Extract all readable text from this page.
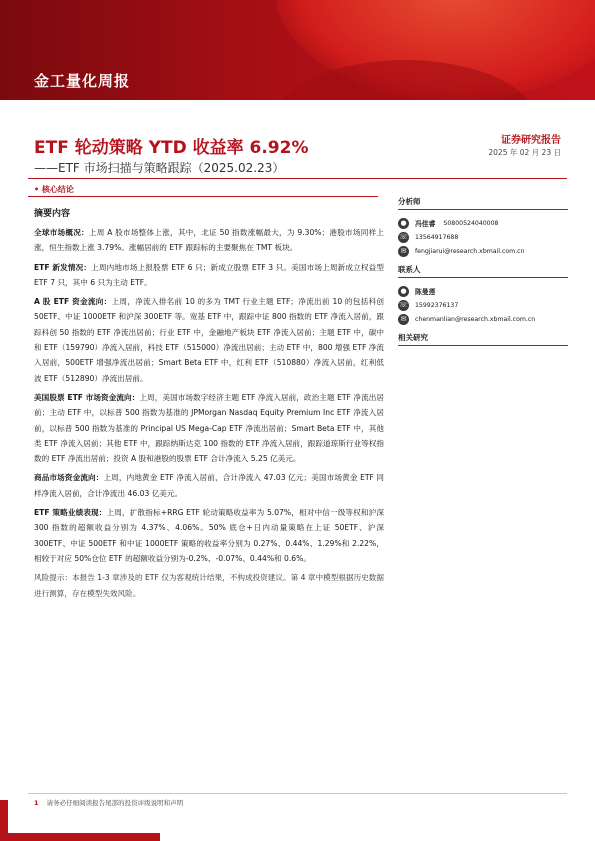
金工量化周报
ETF 轮动策略 YTD 收益率 6.92%
——ETF 市场扫描与策略跟踪（2025.02.23）
证券研究报告
2025 年 02 月 23 日
• 核心结论
摘要内容

全球市场概况：上周 A 股市场整体上涨，其中，北证 50 指数涨幅最大，为 9.30%；港股市场同样上涨，恒生指数上涨 3.79%。涨幅居前的 ETF 跟踪标的主要聚焦在 TMT 板块。

ETF 新发情况：上周内地市场上报股票 ETF 6 只；新成立股票 ETF 3 只。美国市场上周新成立权益型 ETF 7 只，其中 6 只为主动 ETF。

A 股 ETF 资金流向：上周，净流入排名前 10 的多为 TMT 行业主题 ETF；净流出前 10 的包括科创 50ETF、中证 1000ETF 和沪深 300ETF 等。宽基 ETF 中，跟踪中证 800 指数的 ETF 净流入居前，跟踪科创 50 指数的 ETF 净流出居前；行业 ETF 中，金融地产板块 ETF 净流入居前；主题 ETF 中，碳中和 ETF（159790）净流入居前，科技 ETF（515000）净流出居前；主动 ETF 中，800 增强 ETF 净流入居前，500ETF 增强净流出居前；Smart Beta ETF 中，红利 ETF（510880）净流入居前，红利低波 ETF（512890）净流出居前。

美国股票 ETF 市场资金流向：上周，美国市场数字经济主题 ETF 净流入居前，政治主题 ETF 净流出居前；主动 ETF 中，以标普 500 指数为基准的 JPMorgan Nasdaq Equity Premium Inc ETF 净流入居前，以标普 500 指数为基准的 Principal US Mega-Cap ETF 净流出居前；Smart Beta ETF 中，其他类 ETF 净流入居前；其他 ETF 中，跟踪纳斯达克 100 指数的 ETF 净流入居前，跟踪道琼斯行业等权指数的 ETF 净流出居前；投资 A 股和港股的股票 ETF 合计净流入 5.25 亿美元。

商品市场资金流向：上周，内地黄金 ETF 净流入居前，合计净流入 47.03 亿元；美国市场黄金 ETF 同样净流入居前，合计净流出 46.03 亿美元。

ETF 策略业绩表现：上周，扩散指标+RRG ETF 轮动策略收益率为 5.07%，相对中信一级等权和沪深 300 指数的超额收益分别为 4.37%、4.06%。50% 底仓+日内动量策略在上证 50ETF、沪深 300ETF、中证 500ETF 和中证 1000ETF 策略的收益率分别为 0.27%、0.44%、1.29%和 2.22%，相较于对应 50%仓位 ETF 的超额收益分别为-0.2%、-0.07%、0.44%和 0.6%。

风险提示：本报告 1-3 章涉及的 ETF 仅为客观统计结果，不构成投资建议。第 4 章中模型根据历史数据进行测算，存在模型失效风险。

分析师
●	冯佳睿 S0800524040008
☏ 13564917688
✉	fengjiarui@research.xbmail.com.cn
联系人
●	陈曼莲
☏ 15992376137
✉	chenmanlian@research.xbmail.com.cn
相关研究
1 请务必仔细阅读报告尾部的投资评级说明和声明
